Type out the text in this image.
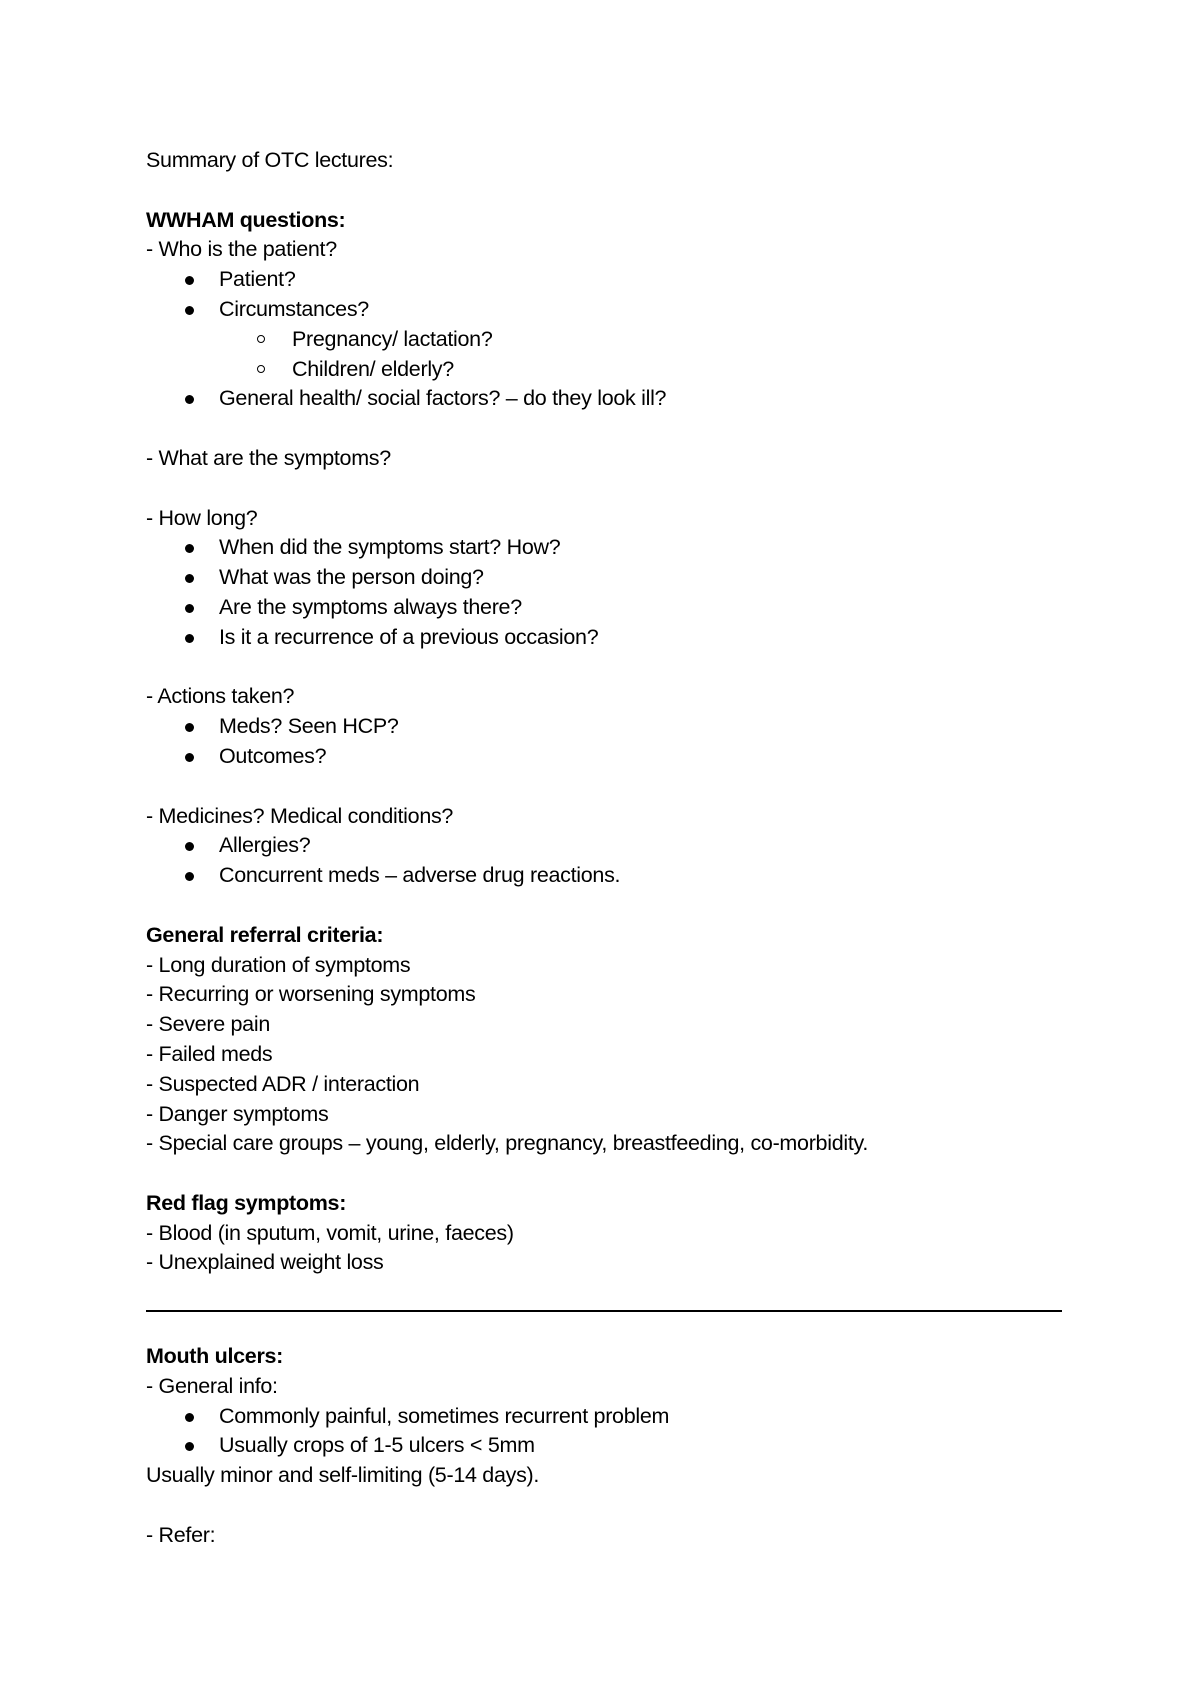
Summary of OTC lectures:
WWHAM questions:
- Who is the patient?
Patient?
Circumstances?
Pregnancy/ lactation?
Children/ elderly?
General health/ social factors? – do they look ill?
- What are the symptoms?
- How long?
When did the symptoms start? How?
What was the person doing?
Are the symptoms always there?
Is it a recurrence of a previous occasion?
- Actions taken?
Meds? Seen HCP?
Outcomes?
- Medicines? Medical conditions?
Allergies?
Concurrent meds – adverse drug reactions.
General referral criteria:
- Long duration of symptoms
- Recurring or worsening symptoms
- Severe pain
- Failed meds
- Suspected ADR / interaction
- Danger symptoms
- Special care groups – young, elderly, pregnancy, breastfeeding, co-morbidity.
Red flag symptoms:
- Blood (in sputum, vomit, urine, faeces)
- Unexplained weight loss
Mouth ulcers:
- General info:
Commonly painful, sometimes recurrent problem
Usually crops of 1-5 ulcers < 5mm
Usually minor and self-limiting (5-14 days).
- Refer:
